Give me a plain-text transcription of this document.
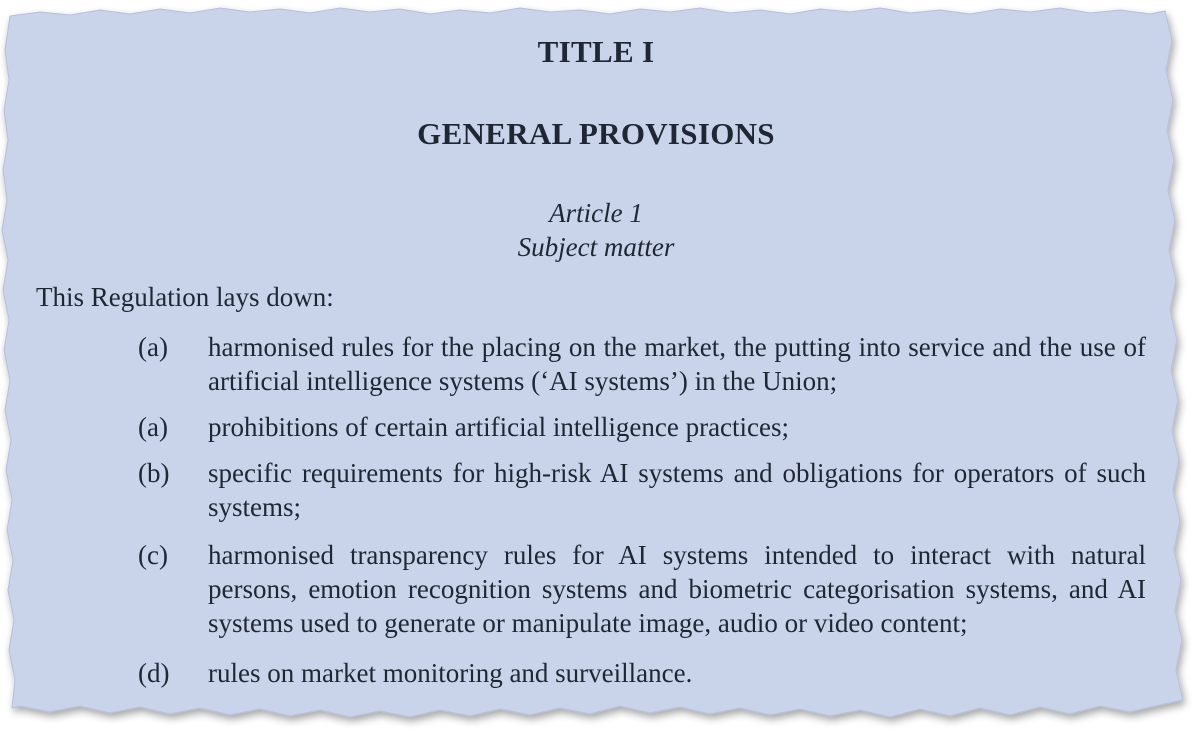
TITLE I
GENERAL PROVISIONS
Article 1
Subject matter
This Regulation lays down:
(a) harmonised rules for the placing on the market, the putting into service and the use of artificial intelligence systems (‘AI systems’) in the Union;
(a) prohibitions of certain artificial intelligence practices;
(b) specific requirements for high-risk AI systems and obligations for operators of such systems;
(c) harmonised transparency rules for AI systems intended to interact with natural persons, emotion recognition systems and biometric categorisation systems, and AI systems used to generate or manipulate image, audio or video content;
(d) rules on market monitoring and surveillance.
